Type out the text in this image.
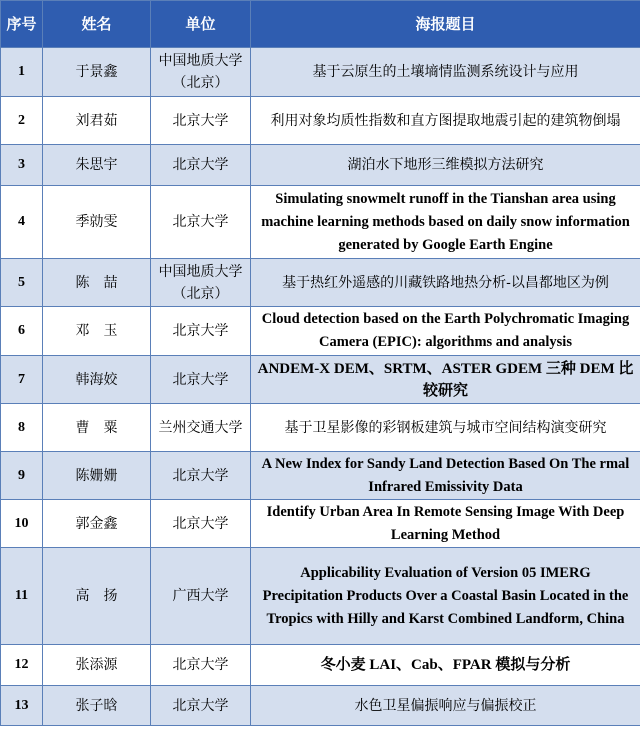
序号	姓名	单位	海报题目
1	于景鑫	中国地质大学（北京）	基于云原生的土壤墒情监测系统设计与应用
2	刘君茹	北京大学	利用对象均质性指数和直方图提取地震引起的建筑物倒塌
3	朱思宇	北京大学	湖泊水下地形三维模拟方法研究
4	季勍雯	北京大学	Simulating snowmelt runoff in the Tianshan area using machine learning methods based on daily snow information generated by Google Earth Engine
5	陈　喆	中国地质大学（北京）	基于热红外遥感的川藏铁路地热分析-以昌都地区为例
6	邓　玉	北京大学	Cloud detection based on the Earth Polychromatic Imaging Camera (EPIC): algorithms and analysis
7	韩海姣	北京大学	ANDEM-X DEM、SRTM、ASTER GDEM 三种 DEM 比较研究
8	曹　粟	兰州交通大学	基于卫星影像的彩钢板建筑与城市空间结构演变研究
9	陈姗姗	北京大学	A New Index for Sandy Land Detection Based On The rmal Infrared Emissivity Data
10	郭金鑫	北京大学	Identify Urban Area In Remote Sensing Image With Deep Learning Method
11	高　扬	广西大学	Applicability Evaluation of Version 05 IMERG Precipitation Products Over a Coastal Basin Located in the Tropics with Hilly and Karst Combined Landform, China
12	张添源	北京大学	冬小麦 LAI、Cab、FPAR 模拟与分析
13	张子晗	北京大学	水色卫星偏振响应与偏振校正
